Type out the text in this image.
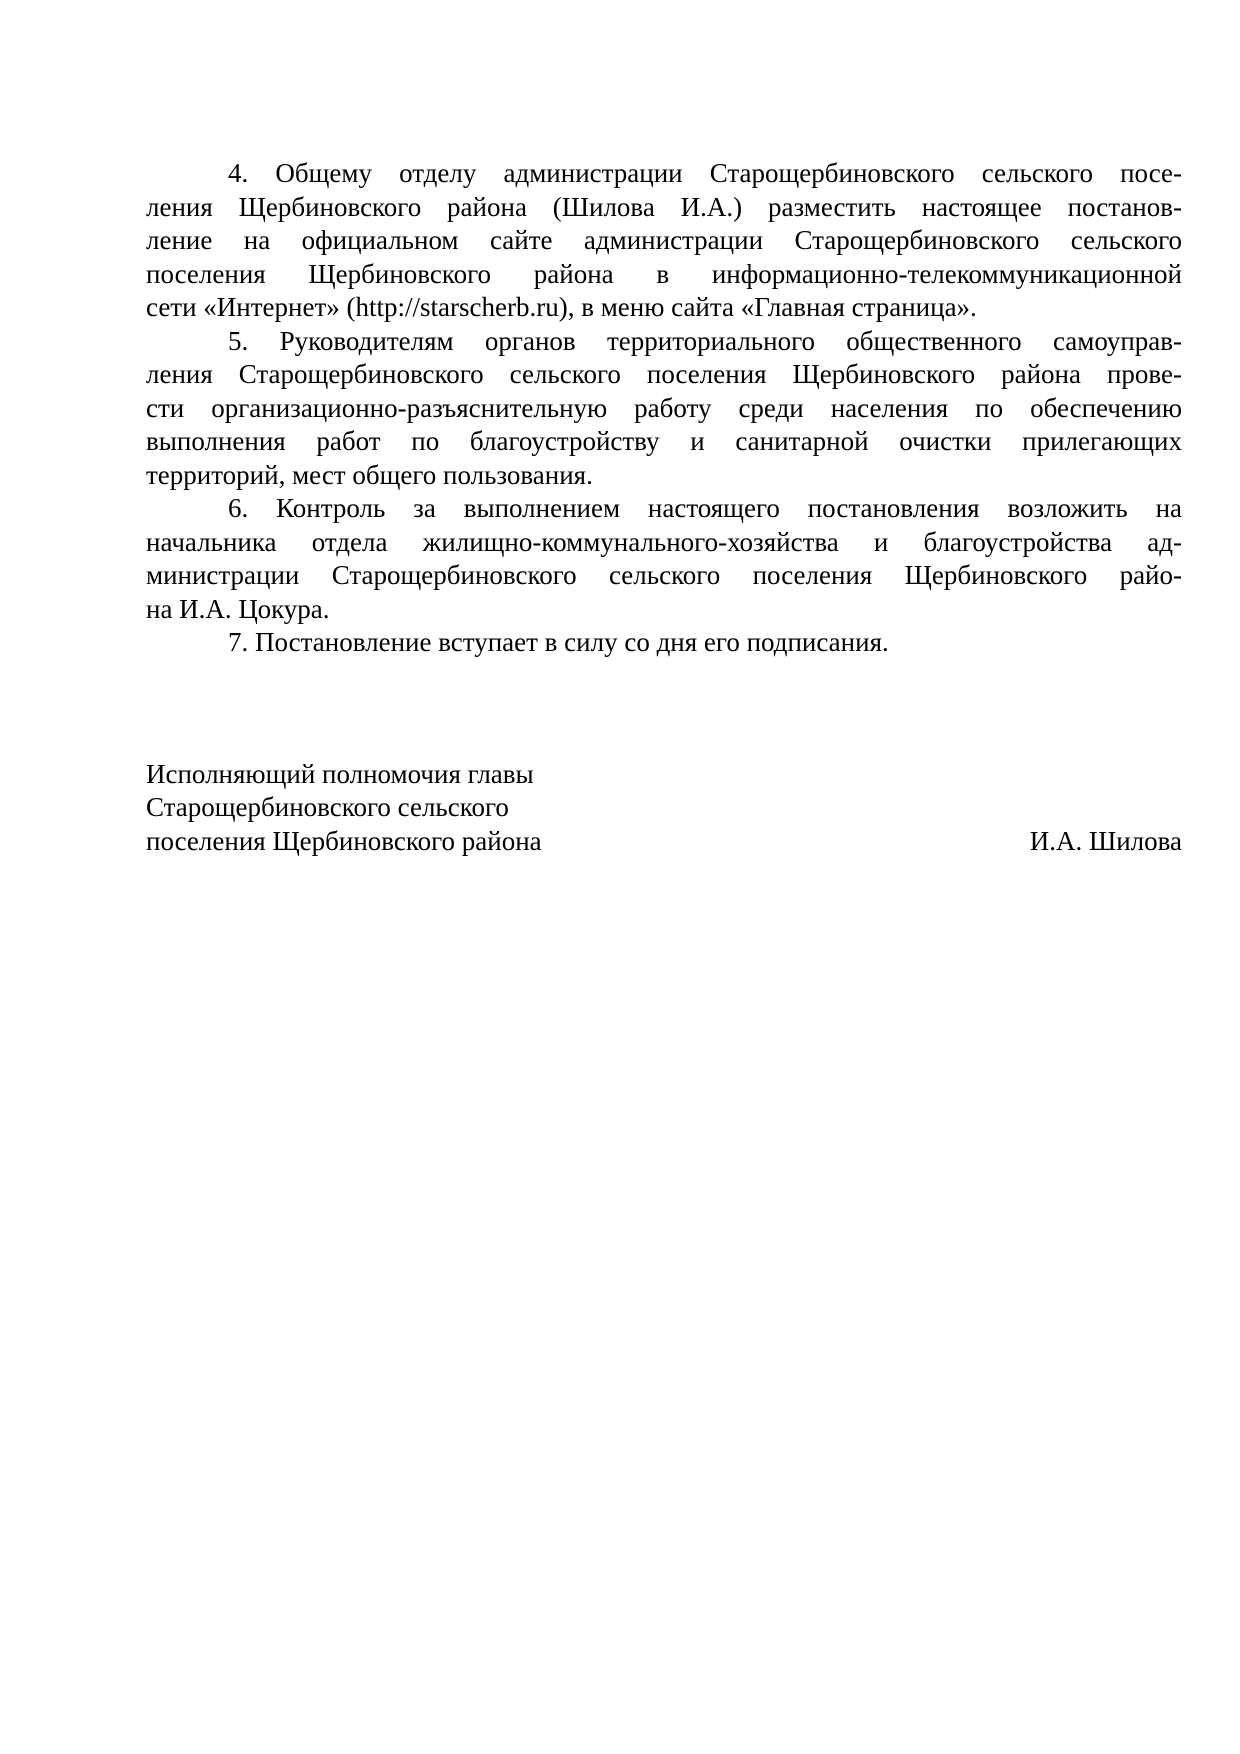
4. Общему отделу администрации Старощербиновского сельского посе-
ления Щербиновского района (Шилова И.А.) разместить настоящее постанов-
ление на официальном сайте администрации Старощербиновского сельского
поселения Щербиновского района в информационно-телекоммуникационной
сети «Интернет» (http://starscherb.ru), в меню сайта «Главная страница».
5. Руководителям органов территориального общественного самоуправ-
ления Старощербиновского сельского поселения Щербиновского района прове-
сти организационно-разъяснительную работу среди населения по обеспечению
выполнения работ по благоустройству и санитарной очистки прилегающих
территорий, мест общего пользования.
6. Контроль за выполнением настоящего постановления возложить на
начальника отдела жилищно-коммунального-хозяйства и благоустройства ад-
министрации Старощербиновского сельского поселения Щербиновского райо-
на И.А. Цокура.
7. Постановление вступает в силу со дня его подписания.
Исполняющий полномочия главы
Старощербиновского сельского
поселения Щербиновского района	И.А. Шилова
